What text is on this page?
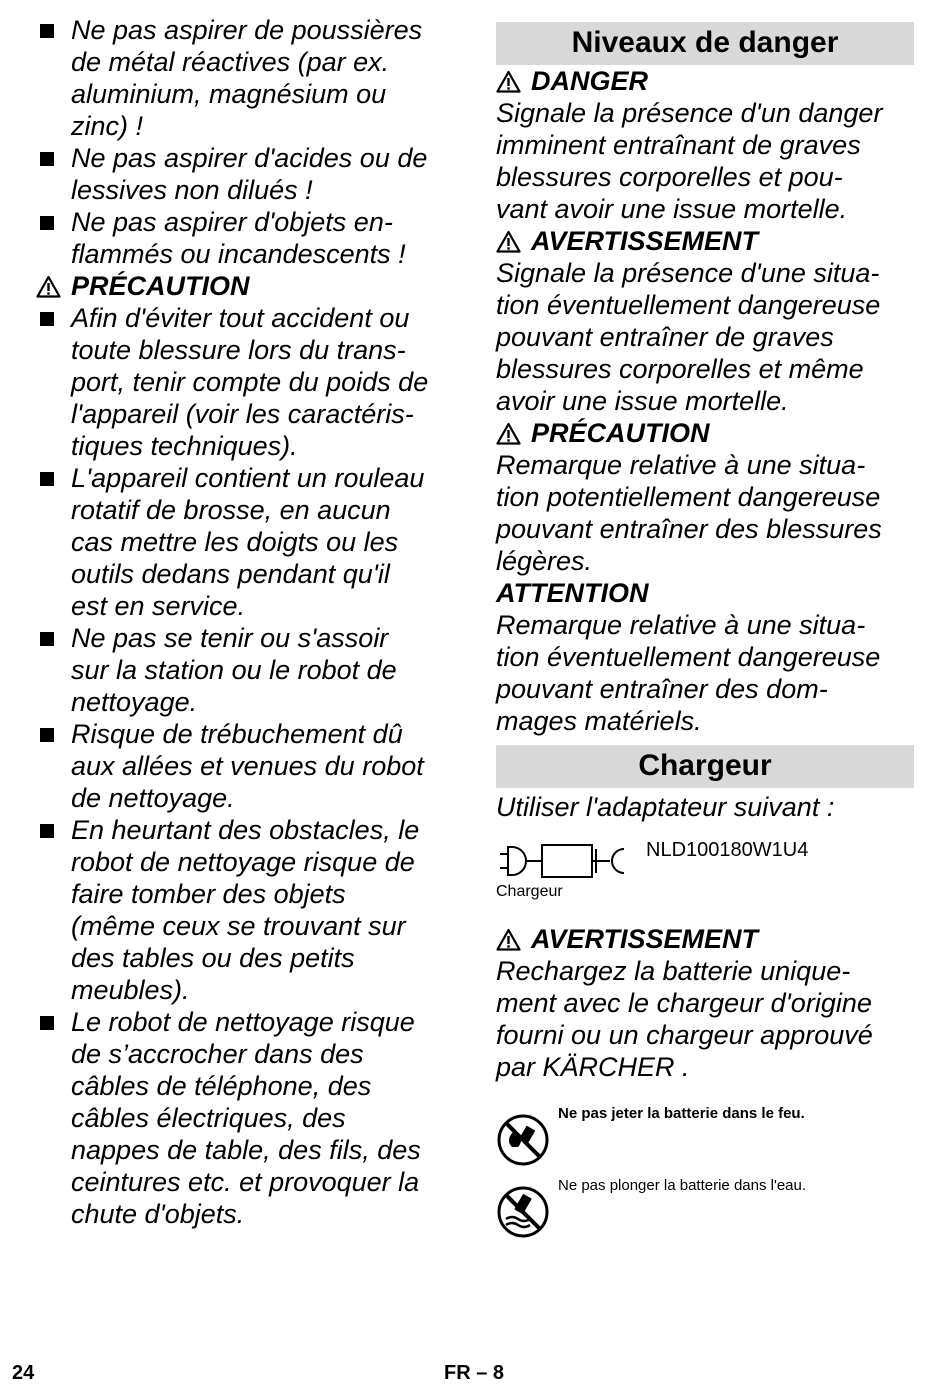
Ne pas aspirer de poussières
de métal réactives (par ex.
aluminium, magnésium ou
zinc) !
Ne pas aspirer d'acides ou de
lessives non dilués !
Ne pas aspirer d'objets en-
flammés ou incandescents !
PRÉCAUTION
Afin d'éviter tout accident ou
toute blessure lors du trans-
port, tenir compte du poids de
l'appareil (voir les caractéris-
tiques techniques).
L'appareil contient un rouleau
rotatif de brosse, en aucun
cas mettre les doigts ou les
outils dedans pendant qu'il
est en service.
Ne pas se tenir ou s'assoir
sur la station ou le robot de
nettoyage.
Risque de trébuchement dû
aux allées et venues du robot
de nettoyage.
En heurtant des obstacles, le
robot de nettoyage risque de
faire tomber des objets
(même ceux se trouvant sur
des tables ou des petits
meubles).
Le robot de nettoyage risque
de s’accrocher dans des
câbles de téléphone, des
câbles électriques, des
nappes de table, des fils, des
ceintures etc. et provoquer la
chute d'objets.
Niveaux de danger
DANGER
Signale la présence d'un danger
imminent entraînant de graves
blessures corporelles et pou-
vant avoir une issue mortelle.
AVERTISSEMENT
Signale la présence d'une situa-
tion éventuellement dangereuse
pouvant entraîner de graves
blessures corporelles et même
avoir une issue mortelle.
PRÉCAUTION
Remarque relative à une situa-
tion potentiellement dangereuse
pouvant entraîner des blessures
légères.
ATTENTION
Remarque relative à une situa-
tion éventuellement dangereuse
pouvant entraîner des dom-
mages matériels.
Chargeur
Utiliser l'adaptateur suivant :
NLD100180W1U4
Chargeur
AVERTISSEMENT
Rechargez la batterie unique-
ment avec le chargeur d'origine
fourni ou un chargeur approuvé
par KÄRCHER .
Ne pas jeter la batterie dans le feu.
Ne pas plonger la batterie dans l'eau.
24	FR – 8
